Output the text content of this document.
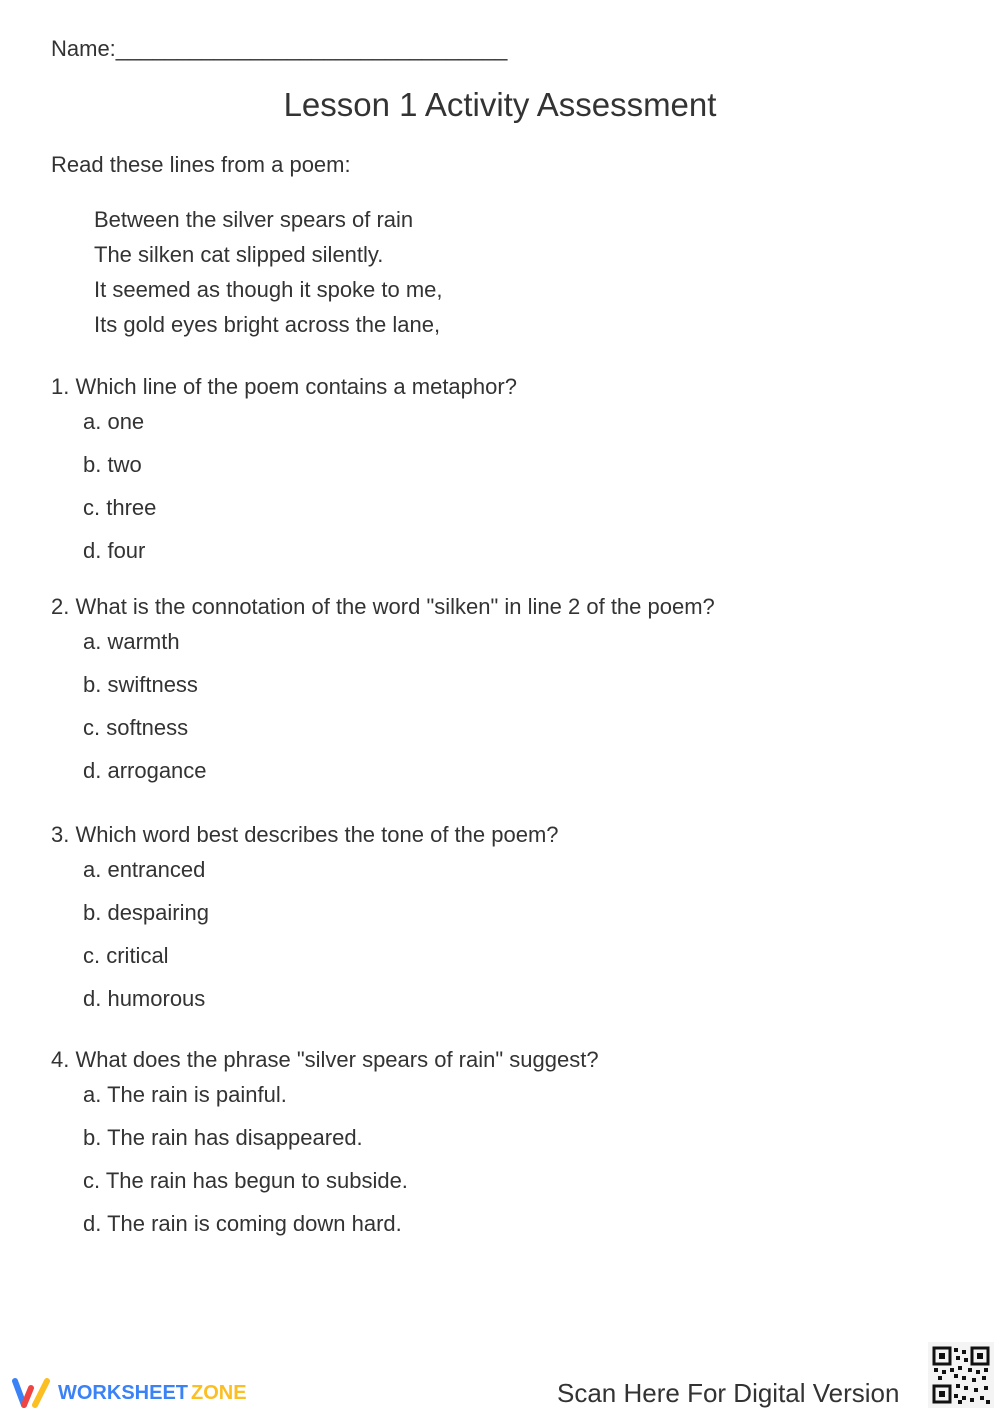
Name:________________________________
Lesson 1 Activity Assessment
Read these lines from a poem:
Between the silver spears of rain
The silken cat slipped silently.
It seemed as though it spoke to me,
Its gold eyes bright across the lane,
1. Which line of the poem contains a metaphor?
a. one
b. two
c. three
d. four
2. What is the connotation of the word "silken" in line 2 of the poem?
a. warmth
b. swiftness
c. softness
d. arrogance
3. Which word best describes the tone of the poem?
a. entranced
b. despairing
c. critical
d. humorous
4. What does the phrase "silver spears of rain" suggest?
a. The rain is painful.
b. The rain has disappeared.
c. The rain has begun to subside.
d. The rain is coming down hard.
WORKSHEET ZONE	Scan Here For Digital Version
